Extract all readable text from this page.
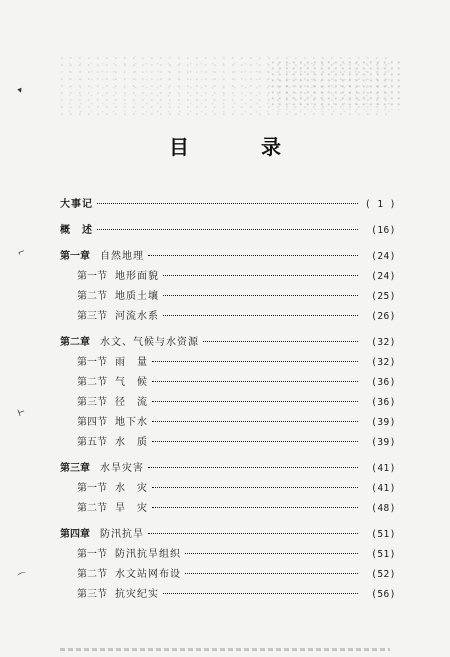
▾
⌐
⊢
⌒
目　录
大事记	( 1 )
概　述	(16)
第一章	自然地理	(24)
第一节 地形面貌	(24)
第二节 地质土壤	(25)
第三节 河流水系	(26)
第二章	水文、气候与水资源	(32)
第一节 雨　量	(32)
第二节 气　候	(36)
第三节 径　流	(36)
第四节 地下水	(39)
第五节 水　质	(39)
第三章	水旱灾害	(41)
第一节 水　灾	(41)
第二节 旱　灾	(48)
第四章	防汛抗旱	(51)
第一节 防汛抗旱组织	(51)
第二节 水文站网布设	(52)
第三节 抗灾纪实	(56)
